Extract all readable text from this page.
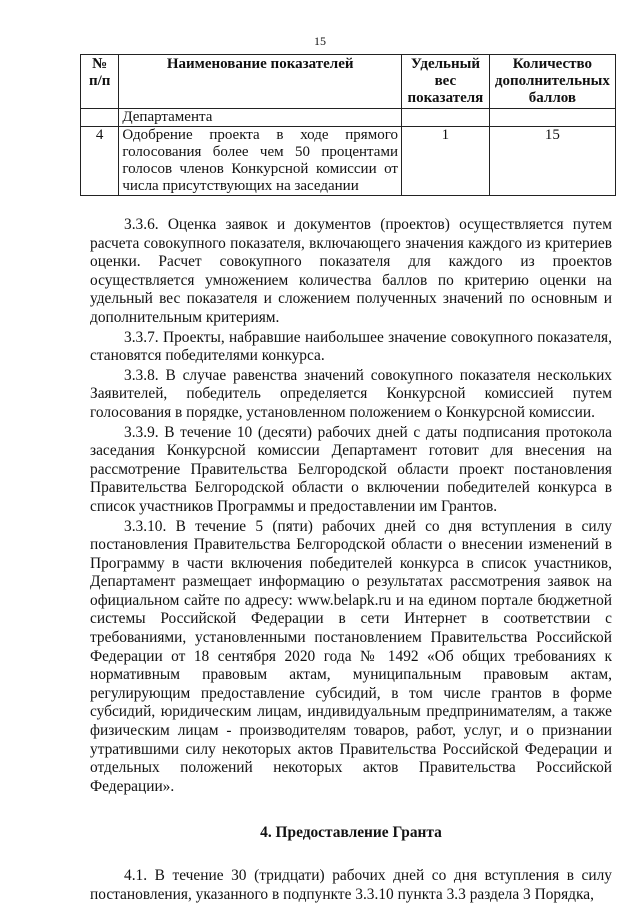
15
№ п/п	Наименование показателей	Удельный вес показателя	Количество дополнительных баллов
	Департамента		
4	Одобрение проекта в ходе прямого голосования более чем 50 процентами голосов членов Конкурсной комиссии от числа присутствующих на заседании	1	15

3.3.6. Оценка заявок и документов (проектов) осуществляется путем расчета совокупного показателя, включающего значения каждого из критериев оценки. Расчет совокупного показателя для каждого из проектов осуществляется умножением количества баллов по критерию оценки на удельный вес показателя и сложением полученных значений по основным и дополнительным критериям.

3.3.7. Проекты, набравшие наибольшее значение совокупного показателя, становятся победителями конкурса.

3.3.8. В случае равенства значений совокупного показателя нескольких Заявителей, победитель определяется Конкурсной комиссией путем голосования в порядке, установленном положением о Конкурсной комиссии.

3.3.9. В течение 10 (десяти) рабочих дней с даты подписания протокола заседания Конкурсной комиссии Департамент готовит для внесения на рассмотрение Правительства Белгородской области проект постановления Правительства Белгородской области о включении победителей конкурса в список участников Программы и предоставлении им Грантов.

3.3.10. В течение 5 (пяти) рабочих дней со дня вступления в силу постановления Правительства Белгородской области о внесении изменений в Программу в части включения победителей конкурса в список участников, Департамент размещает информацию о результатах рассмотрения заявок на официальном сайте по адресу: www.belapk.ru и на едином портале бюджетной системы Российской Федерации в сети Интернет в соответствии с требованиями, установленными постановлением Правительства Российской Федерации от 18 сентября 2020 года № 1492 «Об общих требованиях к нормативным правовым актам, муниципальным правовым актам, регулирующим предоставление субсидий, в том числе грантов в форме субсидий, юридическим лицам, индивидуальным предпринимателям, а также физическим лицам - производителям товаров, работ, услуг, и о признании утратившими силу некоторых актов Правительства Российской Федерации и отдельных положений некоторых актов Правительства Российской Федерации».

4. Предоставление Гранта

4.1. В течение 30 (тридцати) рабочих дней со дня вступления в силу постановления, указанного в подпункте 3.3.10 пункта 3.3 раздела 3 Порядка,
